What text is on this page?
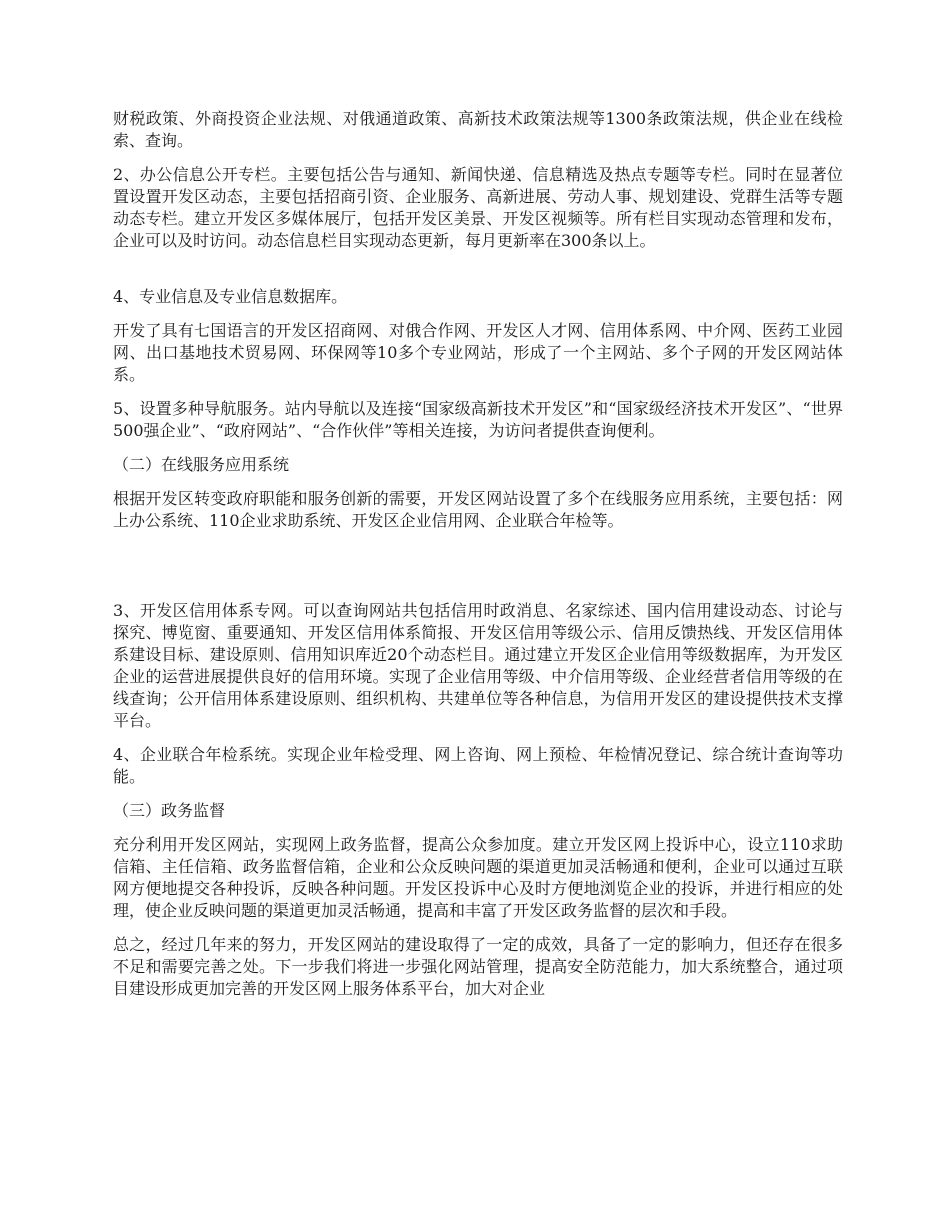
财税政策、外商投资企业法规、对俄通道政策、高新技术政策法规等1300条政策法规，供企业在线检索、查询。

2、办公信息公开专栏。主要包括公告与通知、新闻快递、信息精选及热点专题等专栏。同时在显著位置设置开发区动态，主要包括招商引资、企业服务、高新进展、劳动人事、规划建设、党群生活等专题动态专栏。建立开发区多媒体展厅，包括开发区美景、开发区视频等。所有栏目实现动态管理和发布，企业可以及时访问。动态信息栏目实现动态更新，每月更新率在300条以上。

4、专业信息及专业信息数据库。

开发了具有七国语言的开发区招商网、对俄合作网、开发区人才网、信用体系网、中介网、医药工业园网、出口基地技术贸易网、环保网等10多个专业网站，形成了一个主网站、多个子网的开发区网站体系。

5、设置多种导航服务。站内导航以及连接“国家级高新技术开发区”和“国家级经济技术开发区”、“世界500强企业”、“政府网站”、“合作伙伴”等相关连接，为访问者提供查询便利。

（二）在线服务应用系统

根据开发区转变政府职能和服务创新的需要，开发区网站设置了多个在线服务应用系统，主要包括：网上办公系统、110企业求助系统、开发区企业信用网、企业联合年检等。

3、开发区信用体系专网。可以查询网站共包括信用时政消息、名家综述、国内信用建设动态、讨论与探究、博览窗、重要通知、开发区信用体系简报、开发区信用等级公示、信用反馈热线、开发区信用体系建设目标、建设原则、信用知识库近20个动态栏目。通过建立开发区企业信用等级数据库，为开发区企业的运营进展提供良好的信用环境。实现了企业信用等级、中介信用等级、企业经营者信用等级的在线查询；公开信用体系建设原则、组织机构、共建单位等各种信息，为信用开发区的建设提供技术支撑平台。

4、企业联合年检系统。实现企业年检受理、网上咨询、网上预检、年检情况登记、综合统计查询等功能。

（三）政务监督

充分利用开发区网站，实现网上政务监督，提高公众参加度。建立开发区网上投诉中心，设立110求助信箱、主任信箱、政务监督信箱，企业和公众反映问题的渠道更加灵活畅通和便利，企业可以通过互联网方便地提交各种投诉，反映各种问题。开发区投诉中心及时方便地浏览企业的投诉，并进行相应的处理，使企业反映问题的渠道更加灵活畅通，提高和丰富了开发区政务监督的层次和手段。

总之，经过几年来的努力，开发区网站的建设取得了一定的成效，具备了一定的影响力，但还存在很多不足和需要完善之处。下一步我们将进一步强化网站管理，提高安全防范能力，加大系统整合，通过项目建设形成更加完善的开发区网上服务体系平台，加大对企业
